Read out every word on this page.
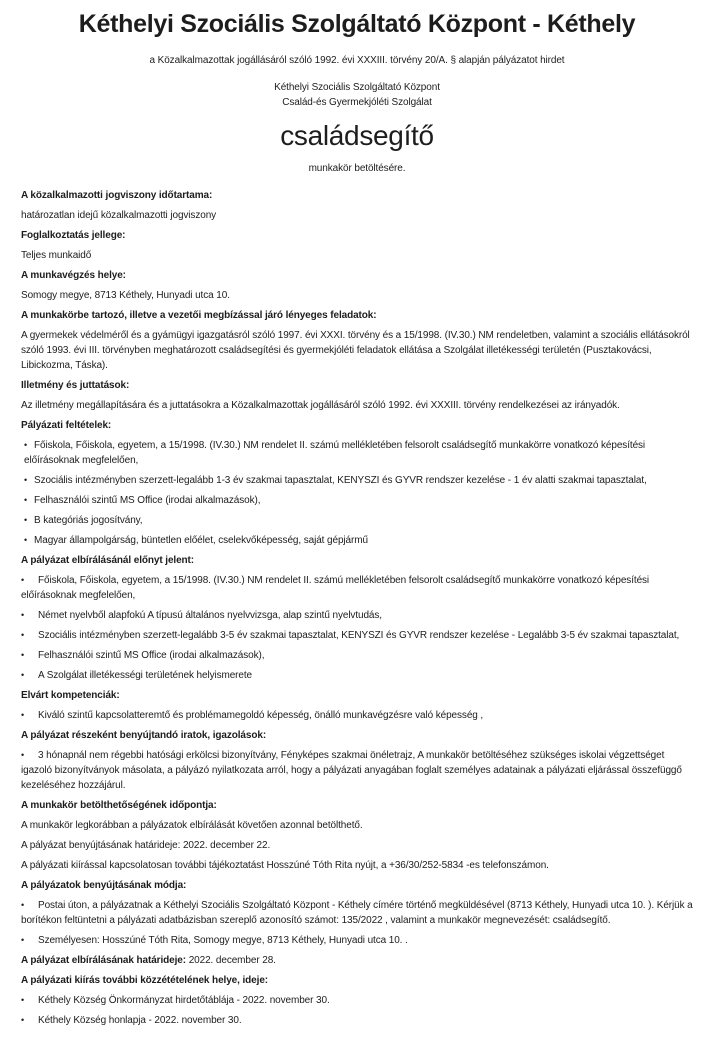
Kéthelyi Szociális Szolgáltató Központ - Kéthely

a Közalkalmazottak jogállásáról szóló 1992. évi XXXIII. törvény 20/A. § alapján pályázatot hirdet

Kéthelyi Szociális Szolgáltató Központ
Család-és Gyermekjóléti Szolgálat

családsegítő

munkakör betöltésére.

A közalkalmazotti jogviszony időtartama:

határozatlan idejű közalkalmazotti jogviszony

Foglalkoztatás jellege:

Teljes munkaidő

A munkavégzés helye:

Somogy megye, 8713 Kéthely, Hunyadi utca 10.

A munkakörbe tartozó, illetve a vezetői megbízással járó lényeges feladatok:

A gyermekek védelméről és a gyámügyi igazgatásról szóló 1997. évi XXXI. törvény és a 15/1998. (IV.30.) NM rendeletben, valamint a szociális ellátásokról szóló 1993. évi III. törvényben meghatározott családsegítési és gyermekjóléti feladatok ellátása a Szolgálat illetékességi területén (Pusztakovácsi, Libickozma, Táska).

Illetmény és juttatások:

Az illetmény megállapítására és a juttatásokra a Közalkalmazottak jogállásáról szóló 1992. évi XXXIII. törvény rendelkezései az irányadók.

Pályázati feltételek:

• Főiskola, Főiskola, egyetem, a 15/1998. (IV.30.) NM rendelet II. számú mellékletében felsorolt családsegítő munkakörre vonatkozó képesítési előírásoknak megfelelően,

• Szociális intézményben szerzett-legalább 1-3 év szakmai tapasztalat, KENYSZI és GYVR rendszer kezelése - 1 év alatti szakmai tapasztalat,

• Felhasználói szintű MS Office (irodai alkalmazások),

• B kategóriás jogosítvány,

• Magyar állampolgárság, büntetlen előélet, cselekvőképesség, saját gépjármű

A pályázat elbírálásánál előnyt jelent:

• Főiskola, Főiskola, egyetem, a 15/1998. (IV.30.) NM rendelet II. számú mellékletében felsorolt családsegítő munkakörre vonatkozó képesítési előírásoknak megfelelően,

• Német nyelvből alapfokú A típusú általános nyelvvizsga, alap szintű nyelvtudás,

• Szociális intézményben szerzett-legalább 3-5 év szakmai tapasztalat, KENYSZI és GYVR rendszer kezelése - Legalább 3-5 év szakmai tapasztalat,

• Felhasználói szintű MS Office (irodai alkalmazások),

• A Szolgálat illetékességi területének helyismerete

Elvárt kompetenciák:

• Kiváló szintű kapcsolatteremtő és problémamegoldó képesség, önálló munkavégzésre való képesség ,

A pályázat részeként benyújtandó iratok, igazolások:

• 3 hónapnál nem régebbi hatósági erkölcsi bizonyítvány, Fényképes szakmai önéletrajz, A munkakör betöltéséhez szükséges iskolai végzettséget igazoló bizonyítványok másolata, a pályázó nyilatkozata arról, hogy a pályázati anyagában foglalt személyes adatainak a pályázati eljárással összefüggő kezeléséhez hozzájárul.

A munkakör betölthetőségének időpontja:

A munkakör legkorábban a pályázatok elbírálását követően azonnal betölthető.

A pályázat benyújtásának határideje: 2022. december 22.

A pályázati kiírással kapcsolatosan további tájékoztatást Hosszúné Tóth Rita nyújt, a +36/30/252-5834 -es telefonszámon.

A pályázatok benyújtásának módja:

• Postai úton, a pályázatnak a Kéthelyi Szociális Szolgáltató Központ - Kéthely címére történő megküldésével (8713 Kéthely, Hunyadi utca 10. ). Kérjük a borítékon feltüntetni a pályázati adatbázisban szereplő azonosító számot: 135/2022 , valamint a munkakör megnevezését: családsegítő.

• Személyesen: Hosszúné Tóth Rita, Somogy megye, 8713 Kéthely, Hunyadi utca 10. .

A pályázat elbírálásának határideje: 2022. december 28.

A pályázati kiírás további közzétételének helye, ideje:

• Kéthely Község Önkormányzat hirdetőtáblája - 2022. november 30.

• Kéthely Község honlapja - 2022. november 30.
